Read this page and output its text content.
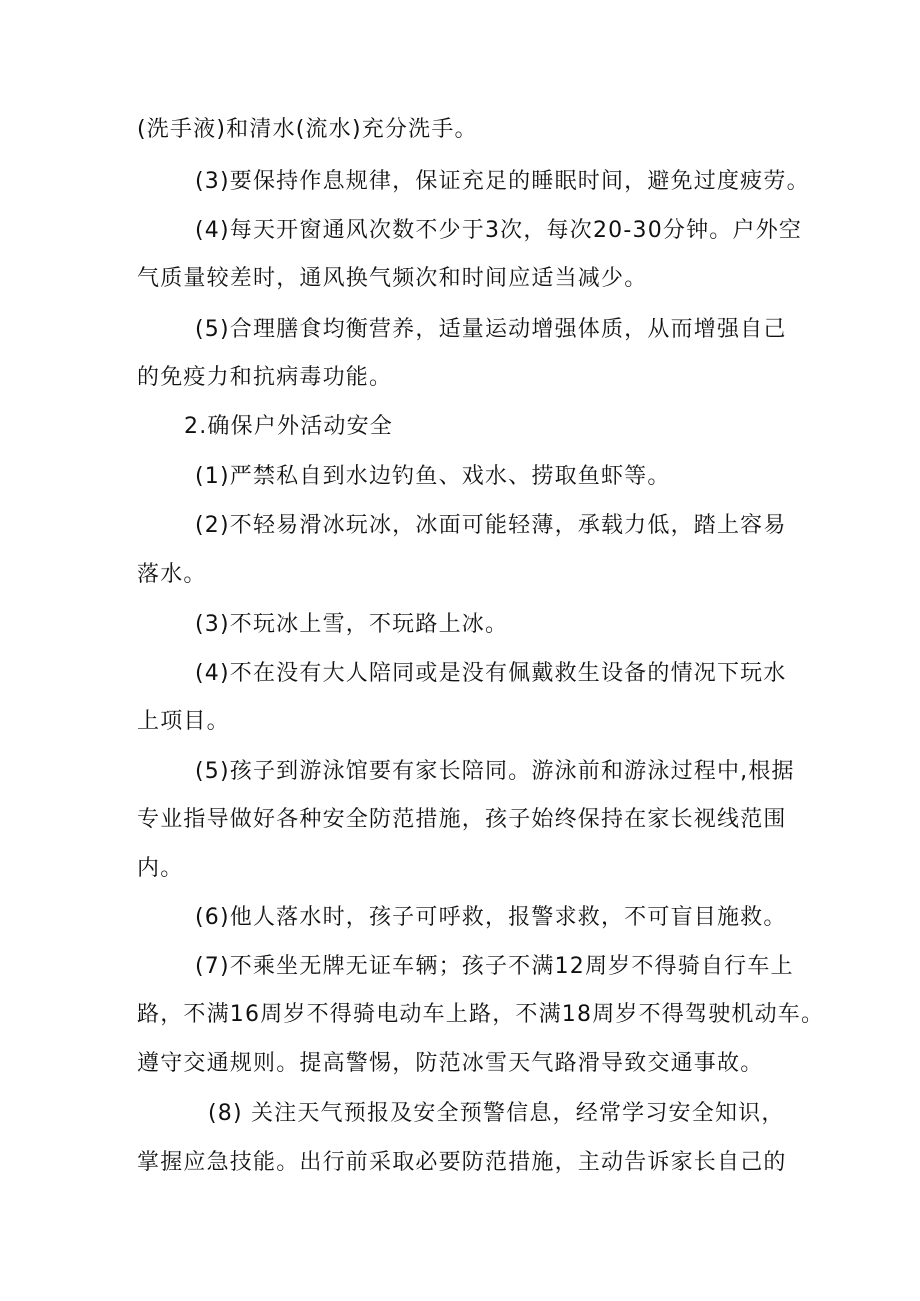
(洗手液)和清水(流水)充分洗手。
(3)要保持作息规律，保证充足的睡眠时间，避免过度疲劳。
(4)每天开窗通风次数不少于3次，每次20-30分钟。户外空
气质量较差时，通风换气频次和时间应适当减少。
(5)合理膳食均衡营养，适量运动增强体质，从而增强自己
的免疫力和抗病毒功能。
2.确保户外活动安全
(1)严禁私自到水边钓鱼、戏水、捞取鱼虾等。
(2)不轻易滑冰玩冰，冰面可能轻薄，承载力低，踏上容易
落水。
(3)不玩冰上雪，不玩路上冰。
(4)不在没有大人陪同或是没有佩戴救生设备的情况下玩水
上项目。
(5)孩子到游泳馆要有家长陪同。游泳前和游泳过程中,根据
专业指导做好各种安全防范措施，孩子始终保持在家长视线范围
内。
(6)他人落水时，孩子可呼救，报警求救，不可盲目施救。
(7)不乘坐无牌无证车辆；孩子不满12周岁不得骑自行车上
路，不满16周岁不得骑电动车上路，不满18周岁不得驾驶机动车。
遵守交通规则。提高警惕，防范冰雪天气路滑导致交通事故。
(8) 关注天气预报及安全预警信息，经常学习安全知识，
掌握应急技能。出行前采取必要防范措施，主动告诉家长自己的
